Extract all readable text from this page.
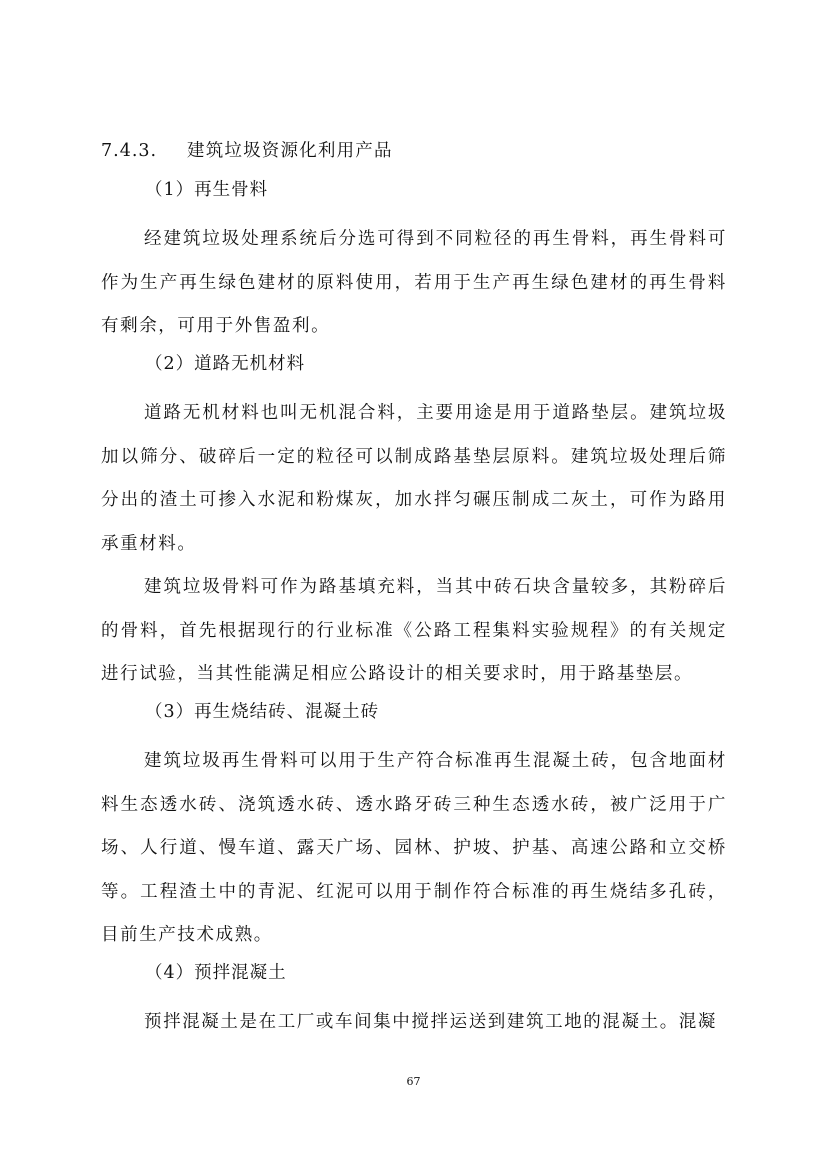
7.4.3. 建筑垃圾资源化利用产品
（1）再生骨料

经建筑垃圾处理系统后分选可得到不同粒径的再生骨料，再生骨料可作为生产再生绿色建材的原料使用，若用于生产再生绿色建材的再生骨料有剩余，可用于外售盈利。

（2）道路无机材料

道路无机材料也叫无机混合料，主要用途是用于道路垫层。建筑垃圾加以筛分、破碎后一定的粒径可以制成路基垫层原料。建筑垃圾处理后筛分出的渣土可掺入水泥和粉煤灰，加水拌匀碾压制成二灰土，可作为路用承重材料。

建筑垃圾骨料可作为路基填充料，当其中砖石块含量较多，其粉碎后的骨料，首先根据现行的行业标准《公路工程集料实验规程》的有关规定进行试验，当其性能满足相应公路设计的相关要求时，用于路基垫层。

（3）再生烧结砖、混凝土砖

建筑垃圾再生骨料可以用于生产符合标准再生混凝土砖，包含地面材料生态透水砖、浇筑透水砖、透水路牙砖三种生态透水砖，被广泛用于广场、人行道、慢车道、露天广场、园林、护坡、护基、高速公路和立交桥等。工程渣土中的青泥、红泥可以用于制作符合标准的再生烧结多孔砖，目前生产技术成熟。

（4）预拌混凝土

预拌混凝土是在工厂或车间集中搅拌运送到建筑工地的混凝土。混凝

67
